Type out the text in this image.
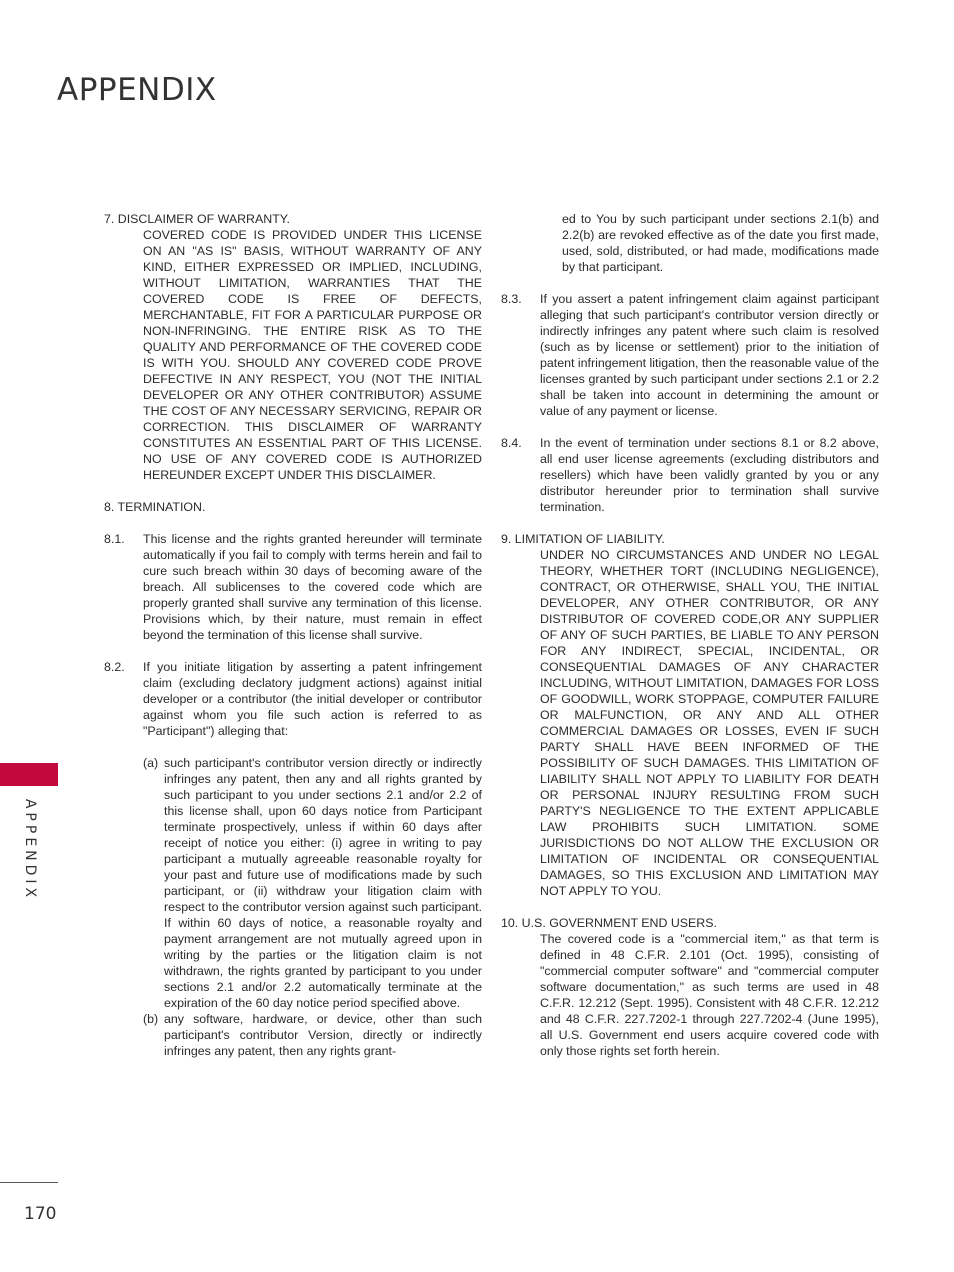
APPENDIX
APPENDIX
170

7. DISCLAIMER OF WARRANTY.

COVERED CODE IS PROVIDED UNDER THIS LICENSE ON AN "AS IS" BASIS, WITHOUT WARRANTY OF ANY KIND, EITHER EXPRESSED OR IMPLIED, INCLUDING, WITHOUT LIMITATION, WARRANTIES THAT THE COVERED CODE IS FREE OF DEFECTS, MERCHANTABLE, FIT FOR A PARTICULAR PURPOSE OR NON-INFRINGING. THE ENTIRE RISK AS TO THE QUALITY AND PERFORMANCE OF THE COVERED CODE IS WITH YOU. SHOULD ANY COVERED CODE PROVE DEFECTIVE IN ANY RESPECT, YOU (NOT THE INITIAL DEVELOPER OR ANY OTHER CONTRIBUTOR) ASSUME THE COST OF ANY NECESSARY SERVICING, REPAIR OR CORRECTION. THIS DISCLAIMER OF WARRANTY CONSTITUTES AN ESSENTIAL PART OF THIS LICENSE. NO USE OF ANY COVERED CODE IS AUTHORIZED HEREUNDER EXCEPT UNDER THIS DISCLAIMER.

8. TERMINATION.

8.1.	This license and the rights granted hereunder will terminate automatically if you fail to comply with terms herein and fail to cure such breach within 30 days of becoming aware of the breach. All sublicenses to the covered code which are properly granted shall survive any termination of this license. Provisions which, by their nature, must remain in effect beyond the termination of this license shall survive.
8.2.	If you initiate litigation by asserting a patent infringement claim (excluding declatory judgment actions) against initial developer or a contributor (the initial developer or contributor against whom you file such action is referred to as "Participant") alleging that:
(a) such participant's contributor version directly or indirectly infringes any patent, then any and all rights granted by such participant to you under sections 2.1 and/or 2.2 of this license shall, upon 60 days notice from Participant terminate prospectively, unless if within 60 days after receipt of notice you either: (i) agree in writing to pay participant a mutually agreeable reasonable royalty for your past and future use of modifications made by such participant, or (ii) withdraw your litigation claim with respect to the contributor version against such participant. If within 60 days of notice, a reasonable royalty and payment arrangement are not mutually agreed upon in writing by the parties or the litigation claim is not withdrawn, the rights granted by participant to you under sections 2.1 and/or 2.2 automatically terminate at the expiration of the 60 day notice period specified above.
(b) any software, hardware, or device, other than such participant's contributor Version, directly or indirectly infringes any patent, then any rights grant-

ed to You by such participant under sections 2.1(b) and 2.2(b) are revoked effective as of the date you first made, used, sold, distributed, or had made, modifications made by that participant.

8.3.	If you assert a patent infringement claim against participant alleging that such participant's contributor version directly or indirectly infringes any patent where such claim is resolved (such as by license or settlement) prior to the initiation of patent infringement litigation, then the reasonable value of the licenses granted by such participant under sections 2.1 or 2.2 shall be taken into account in determining the amount or value of any payment or license.
8.4.	In the event of termination under sections 8.1 or 8.2 above, all end user license agreements (excluding distributors and resellers) which have been validly granted by you or any distributor hereunder prior to termination shall survive termination.

9. LIMITATION OF LIABILITY.

UNDER NO CIRCUMSTANCES AND UNDER NO LEGAL THEORY, WHETHER TORT (INCLUDING NEGLIGENCE), CONTRACT, OR OTHERWISE, SHALL YOU, THE INITIAL DEVELOPER, ANY OTHER CONTRIBUTOR, OR ANY DISTRIBUTOR OF COVERED CODE,OR ANY SUPPLIER OF ANY OF SUCH PARTIES, BE LIABLE TO ANY PERSON FOR ANY INDIRECT, SPECIAL, INCIDENTAL, OR CONSEQUENTIAL DAMAGES OF ANY CHARACTER INCLUDING, WITHOUT LIMITATION, DAMAGES FOR LOSS OF GOODWILL, WORK STOPPAGE, COMPUTER FAILURE OR MALFUNCTION, OR ANY AND ALL OTHER COMMERCIAL DAMAGES OR LOSSES, EVEN IF SUCH PARTY SHALL HAVE BEEN INFORMED OF THE POSSIBILITY OF SUCH DAMAGES. THIS LIMITATION OF LIABILITY SHALL NOT APPLY TO LIABILITY FOR DEATH OR PERSONAL INJURY RESULTING FROM SUCH PARTY'S NEGLIGENCE TO THE EXTENT APPLICABLE LAW PROHIBITS SUCH LIMITATION. SOME JURISDICTIONS DO NOT ALLOW THE EXCLUSION OR LIMITATION OF INCIDENTAL OR CONSEQUENTIAL DAMAGES, SO THIS EXCLUSION AND LIMITATION MAY NOT APPLY TO YOU.

10. U.S. GOVERNMENT END USERS.

The covered code is a "commercial item," as that term is defined in 48 C.F.R. 2.101 (Oct. 1995), consisting of "commercial computer software" and "commercial computer software documentation," as such terms are used in 48 C.F.R. 12.212 (Sept. 1995). Consistent with 48 C.F.R. 12.212 and 48 C.F.R. 227.7202-1 through 227.7202-4 (June 1995), all U.S. Government end users acquire covered code with only those rights set forth herein.
